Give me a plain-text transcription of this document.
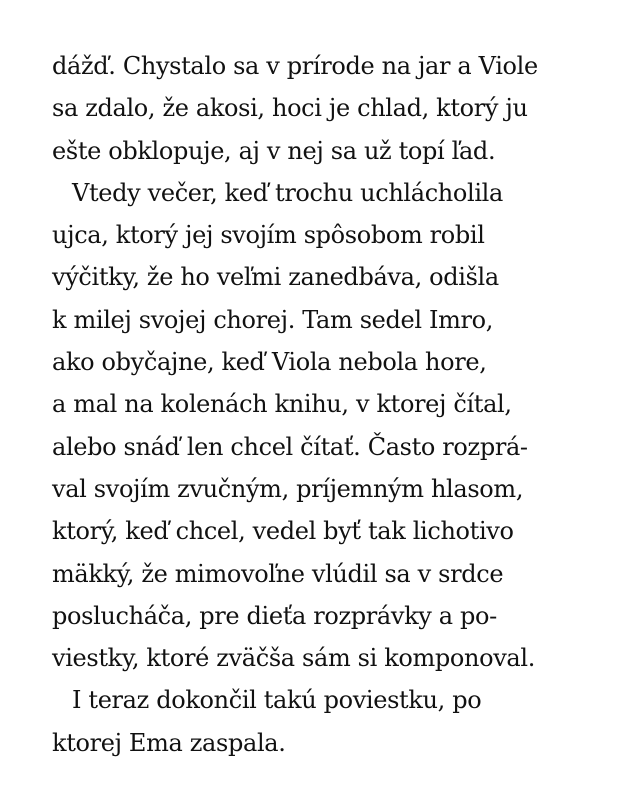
dážď. Chystalo sa v prírode na jar a Viole
sa zdalo, že akosi, hoci je chlad, ktorý ju
ešte obklopuje, aj v nej sa už topí ľad.
Vtedy večer, keď trochu uchlácholila
ujca, ktorý jej svojím spôsobom robil
výčitky, že ho veľmi zanedbáva, odišla
k milej svojej chorej. Tam sedel Imro,
ako obyčajne, keď Viola nebola hore,
a mal na kolenách knihu, v ktorej čítal,
alebo snáď len chcel čítať. Často rozprá-
val svojím zvučným, príjemným hlasom,
ktorý, keď chcel, vedel byť tak lichotivo
mäkký, že mimovoľne vlúdil sa v srdce
poslucháča, pre dieťa rozprávky a po-
viestky, ktoré zväčša sám si komponoval.
I teraz dokončil takú poviestku, po
ktorej Ema zaspala.
